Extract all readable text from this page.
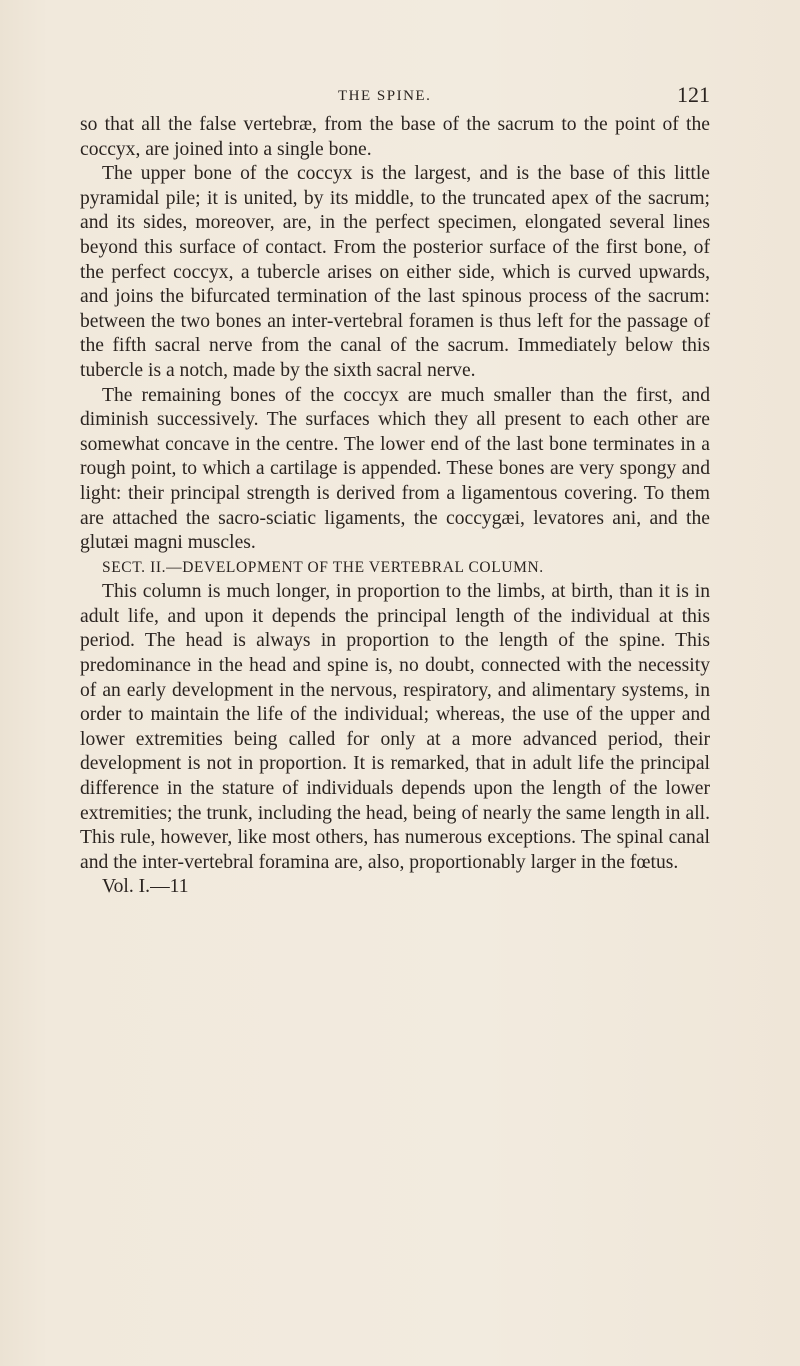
THE SPINE.	121

so that all the false vertebræ, from the base of the sacrum to the point of the coccyx, are joined into a single bone.

The upper bone of the coccyx is the largest, and is the base of this little pyramidal pile; it is united, by its middle, to the truncated apex of the sacrum; and its sides, moreover, are, in the perfect specimen, elongated several lines beyond this surface of contact. From the posterior surface of the first bone, of the perfect coccyx, a tubercle arises on either side, which is curved upwards, and joins the bifurcated termination of the last spinous process of the sacrum: between the two bones an inter-vertebral foramen is thus left for the passage of the fifth sacral nerve from the canal of the sacrum. Immediately below this tubercle is a notch, made by the sixth sacral nerve.

The remaining bones of the coccyx are much smaller than the first, and diminish successively. The surfaces which they all present to each other are somewhat concave in the centre. The lower end of the last bone terminates in a rough point, to which a cartilage is appended. These bones are very spongy and light: their principal strength is derived from a ligamentous covering. To them are attached the sacro-sciatic ligaments, the coccygæi, levatores ani, and the glutæi magni muscles.

SECT. II.—DEVELOPMENT OF THE VERTEBRAL COLUMN.

This column is much longer, in proportion to the limbs, at birth, than it is in adult life, and upon it depends the principal length of the individual at this period. The head is always in proportion to the length of the spine. This predominance in the head and spine is, no doubt, connected with the necessity of an early development in the nervous, respiratory, and alimentary systems, in order to maintain the life of the individual; whereas, the use of the upper and lower extremities being called for only at a more advanced period, their development is not in proportion. It is remarked, that in adult life the principal difference in the stature of individuals depends upon the length of the lower extremities; the trunk, including the head, being of nearly the same length in all. This rule, however, like most others, has numerous exceptions. The spinal canal and the inter-vertebral foramina are, also, proportionably larger in the fœtus.

Vol. I.—11
